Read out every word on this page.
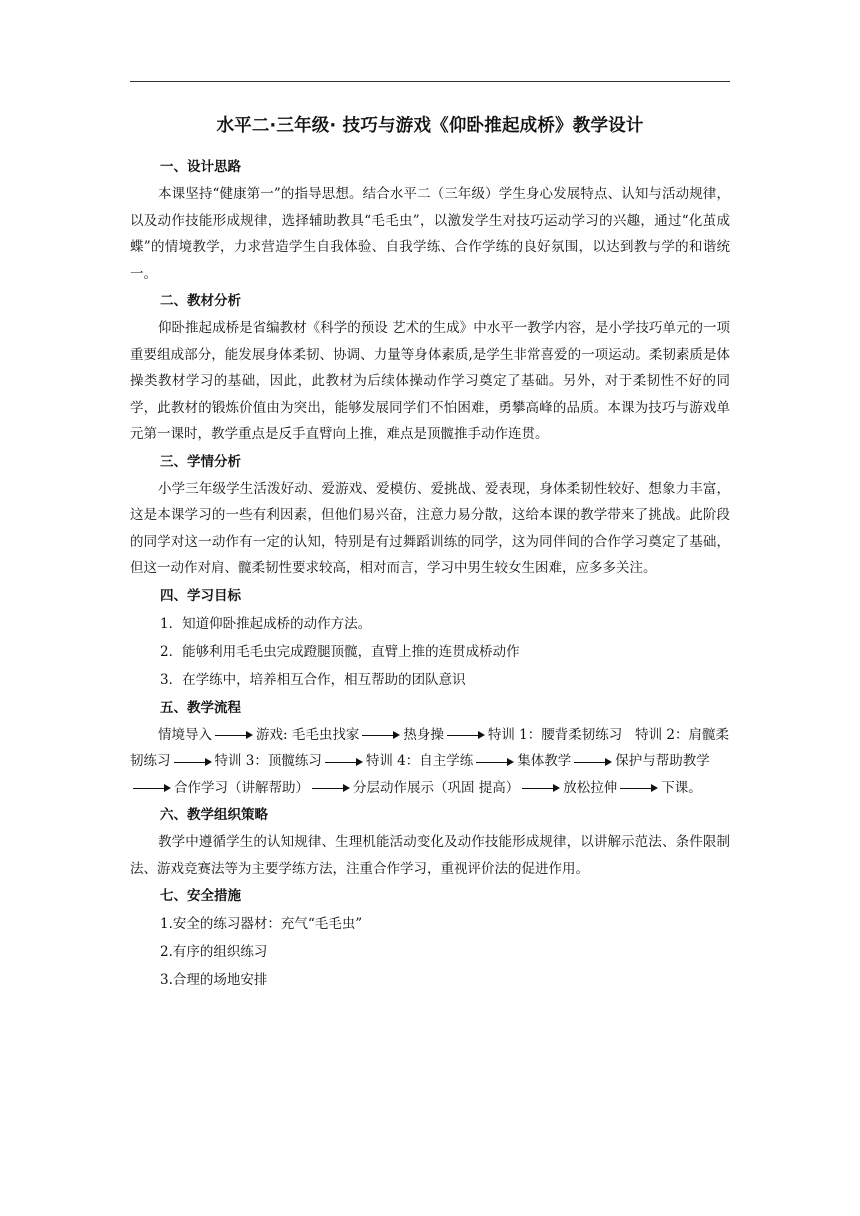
水平二·三年级· 技巧与游戏《仰卧推起成桥》教学设计
一、设计思路

本课坚持“健康第一”的指导思想。结合水平二（三年级）学生身心发展特点、认知与活动规律，以及动作技能形成规律，选择辅助教具“毛毛虫”，以激发学生对技巧运动学习的兴趣，通过“化茧成蝶”的情境教学，力求营造学生自我体验、自我学练、合作学练的良好氛围，以达到教与学的和谐统一。

二、教材分析

仰卧推起成桥是省编教材《科学的预设 艺术的生成》中水平一教学内容，是小学技巧单元的一项重要组成部分，能发展身体柔韧、协调、力量等身体素质,是学生非常喜爱的一项运动。柔韧素质是体操类教材学习的基础，因此，此教材为后续体操动作学习奠定了基础。另外，对于柔韧性不好的同学，此教材的锻炼价值由为突出，能够发展同学们不怕困难，勇攀高峰的品质。本课为技巧与游戏单元第一课时，教学重点是反手直臂向上推，难点是顶髋推手动作连贯。

三、学情分析

小学三年级学生活泼好动、爱游戏、爱模仿、爱挑战、爱表现，身体柔韧性较好、想象力丰富，这是本课学习的一些有利因素，但他们易兴奋，注意力易分散，这给本课的教学带来了挑战。此阶段的同学对这一动作有一定的认知，特别是有过舞蹈训练的同学，这为同伴间的合作学习奠定了基础，但这一动作对肩、髋柔韧性要求较高，相对而言，学习中男生较女生困难，应多多关注。

四、学习目标
1．知道仰卧推起成桥的动作方法。
2．能够利用毛毛虫完成蹬腿顶髋，直臂上推的连贯成桥动作
3．在学练中，培养相互合作，相互帮助的团队意识
五、教学流程

情境导入	游戏: 毛毛虫找家	热身操	特训 1：腰背柔韧练习 特训 2：肩髋柔韧练习	特训 3：顶髋练习	特训 4：自主学练	集体教学	保护与帮助教学合作学习（讲解帮助）	分层动作展示（巩固 提高）	放松拉伸	下课。

六、教学组织策略

教学中遵循学生的认知规律、生理机能活动变化及动作技能形成规律，以讲解示范法、条件限制法、游戏竞赛法等为主要学练方法，注重合作学习，重视评价法的促进作用。

七、安全措施
1.安全的练习器材：充气“毛毛虫”
2.有序的组织练习
3.合理的场地安排
